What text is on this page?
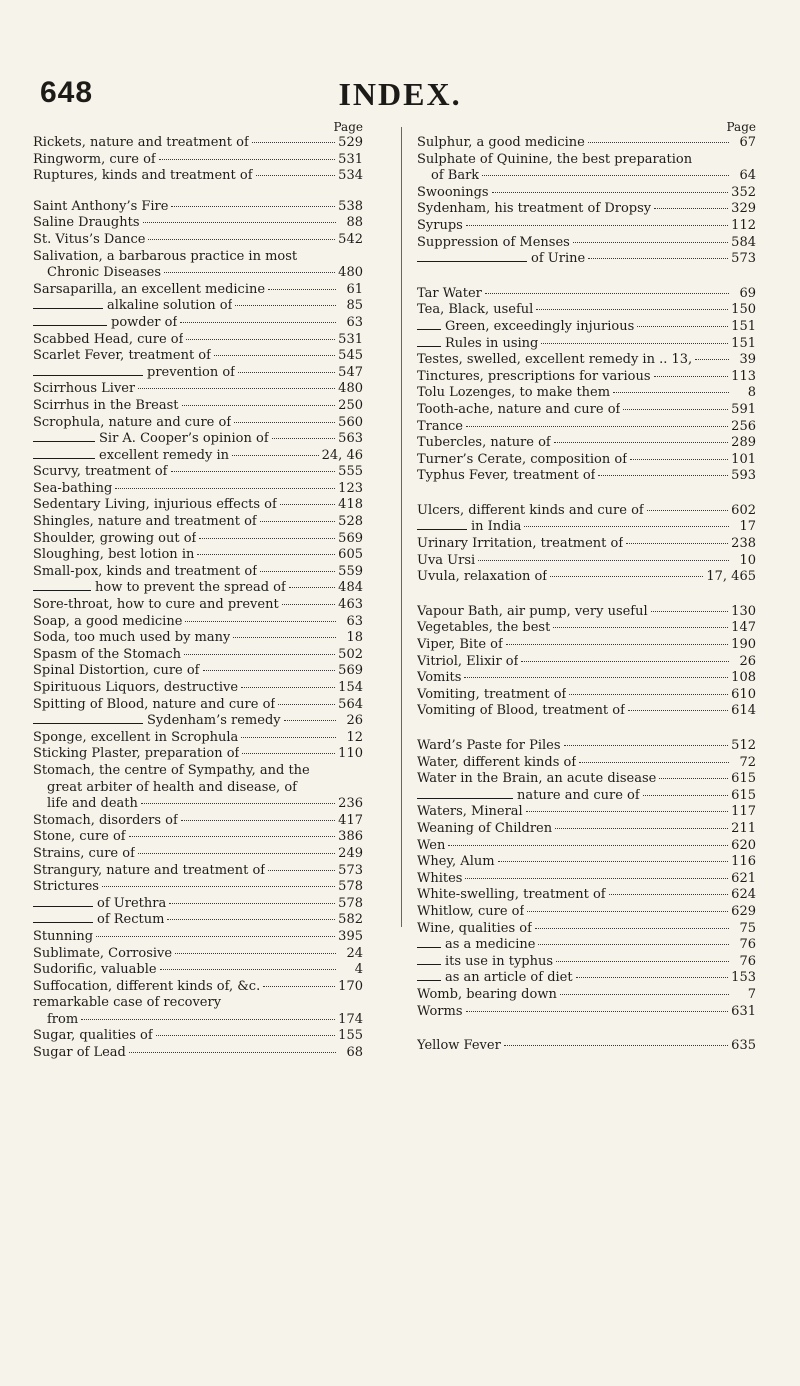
648	INDEX.
Page
Rickets, nature and treatment of	529
Ringworm, cure of	531
Ruptures, kinds and treatment of	534
Saint Anthony’s Fire	538
Saline Draughts	88
St. Vitus’s Dance	542
Salivation, a barbarous practice in most
Chronic Diseases	480
Sarsaparilla, an excellent medicine	61
alkaline solution of	85
powder of	63
Scabbed Head, cure of	531
Scarlet Fever, treatment of	545
prevention of	547
Scirrhous Liver	480
Scirrhus in the Breast	250
Scrophula, nature and cure of	560
Sir A. Cooper’s opinion of	563
excellent remedy in	24, 46
Scurvy, treatment of	555
Sea-bathing	123
Sedentary Living, injurious effects of	418
Shingles, nature and treatment of	528
Shoulder, growing out of	569
Sloughing, best lotion in	605
Small-pox, kinds and treatment of	559
how to prevent the spread of	484
Sore-throat, how to cure and prevent	463
Soap, a good medicine	63
Soda, too much used by many	18
Spasm of the Stomach	502
Spinal Distortion, cure of	569
Spirituous Liquors, destructive	154
Spitting of Blood, nature and cure of	564
Sydenham’s remedy	26
Sponge, excellent in Scrophula	12
Sticking Plaster, preparation of	110
Stomach, the centre of Sympathy, and the
great arbiter of health and disease, of
life and death	236
Stomach, disorders of	417
Stone, cure of	386
Strains, cure of	249
Strangury, nature and treatment of	573
Strictures	578
of Urethra	578
of Rectum	582
Stunning	395
Sublimate, Corrosive	24
Sudorific, valuable	4
Suffocation, different kinds of, &c.	170
remarkable case of recovery
from	174
Sugar, qualities of	155
Sugar of Lead	68
Page
Sulphur, a good medicine	67
Sulphate of Quinine, the best preparation
of Bark	64
Swoonings	352
Sydenham, his treatment of Dropsy	329
Syrups	112
Suppression of Menses	584
of Urine	573
Tar Water	69
Tea, Black, useful	150
Green, exceedingly injurious	151
Rules in using	151
Testes, swelled, excellent remedy in .. 13,	39
Tinctures, prescriptions for various	113
Tolu Lozenges, to make them	8
Tooth-ache, nature and cure of	591
Trance	256
Tubercles, nature of	289
Turner’s Cerate, composition of	101
Typhus Fever, treatment of	593
Ulcers, different kinds and cure of	602
in India	17
Urinary Irritation, treatment of	238
Uva Ursi	10
Uvula, relaxation of	17, 465
Vapour Bath, air pump, very useful	130
Vegetables, the best	147
Viper, Bite of	190
Vitriol, Elixir of	26
Vomits	108
Vomiting, treatment of	610
Vomiting of Blood, treatment of	614
Ward’s Paste for Piles	512
Water, different kinds of	72
Water in the Brain, an acute disease	615
nature and cure of	615
Waters, Mineral	117
Weaning of Children	211
Wen	620
Whey, Alum	116
Whites	621
White-swelling, treatment of	624
Whitlow, cure of	629
Wine, qualities of	75
as a medicine	76
its use in typhus	76
as an article of diet	153
Womb, bearing down	7
Worms	631
Yellow Fever	635
